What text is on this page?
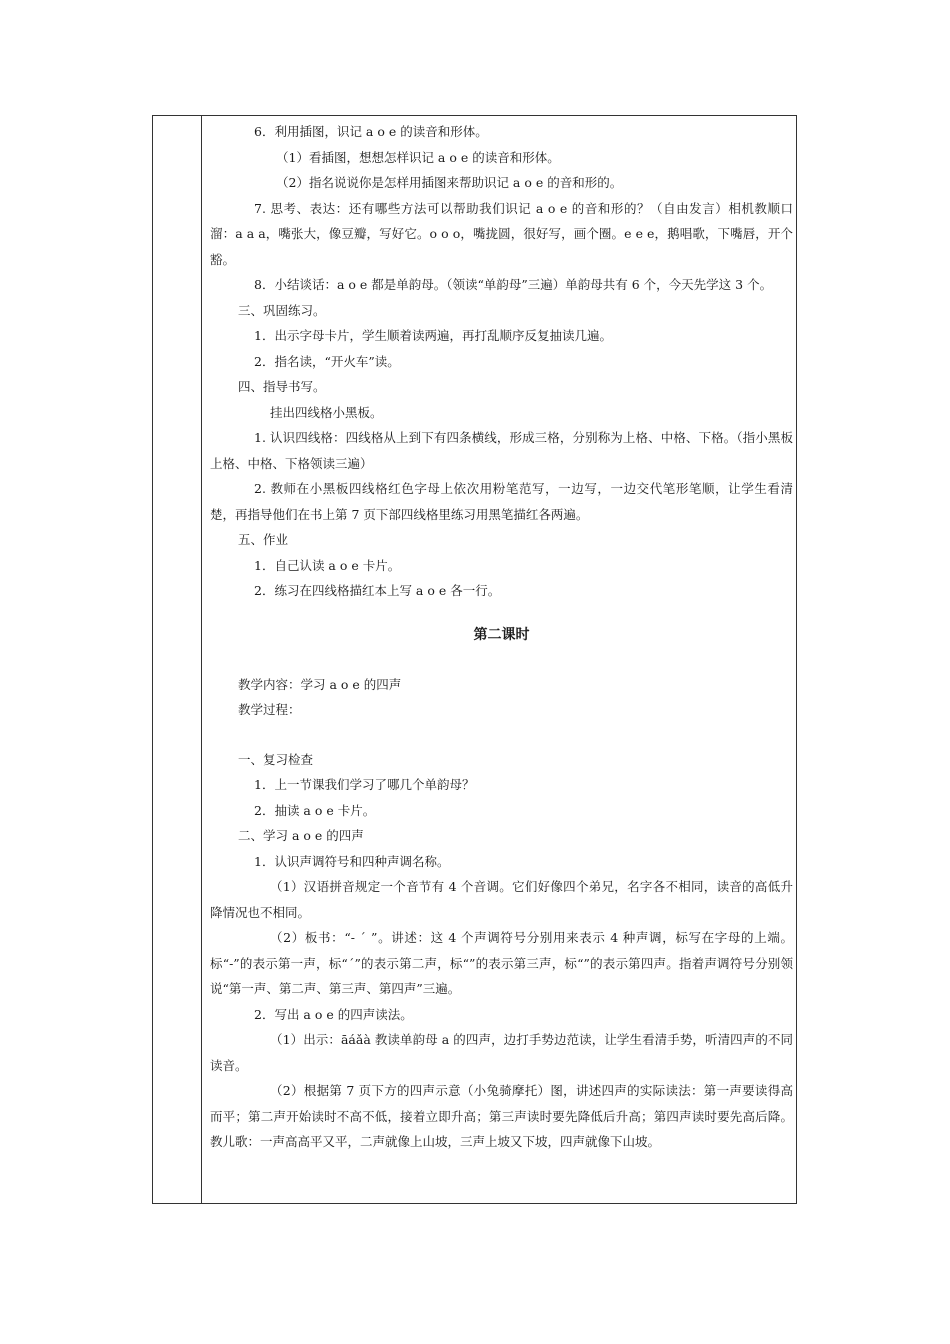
6．利用插图，识记 a o e 的读音和形体。

（1）看插图，想想怎样识记 a o e 的读音和形体。

（2）指名说说你是怎样用插图来帮助识记 a o e 的音和形的。

7. 思考、表达：还有哪些方法可以帮助我们识记 a o e 的音和形的？（自由发言）相机教顺口溜：a a a，嘴张大，像豆瓣，写好它。o o o，嘴拢圆，很好写，画个圈。e e e，鹅唱歌，下嘴唇，开个豁。

8．小结谈话：a o e 都是单韵母。（领读“单韵母”三遍）单韵母共有 6 个，今天先学这 3 个。

三、巩固练习。

1．出示字母卡片，学生顺着读两遍，再打乱顺序反复抽读几遍。

2．指名读，“开火车”读。

四、指导书写。

挂出四线格小黑板。

1. 认识四线格：四线格从上到下有四条横线，形成三格，分别称为上格、中格、下格。（指小黑板上格、中格、下格领读三遍）

2. 教师在小黑板四线格红色字母上依次用粉笔范写，一边写，一边交代笔形笔顺，让学生看清楚，再指导他们在书上第 7 页下部四线格里练习用黑笔描红各两遍。

五、作业

1．自己认读 a o e 卡片。

2．练习在四线格描红本上写 a o e 各一行。

第二课时

教学内容：学习 a o e 的四声

教学过程：

一、复习检查

1．上一节课我们学习了哪几个单韵母？

2．抽读 a o e 卡片。

二、学习 a o e 的四声

1．认识声调符号和四种声调名称。

（1）汉语拼音规定一个音节有 4 个音调。它们好像四个弟兄，名字各不相同，读音的高低升降情况也不相同。

（2）板书：“- ˊ ”。讲述：这 4 个声调符号分别用来表示 4 种声调，标写在字母的上端。标“-”的表示第一声，标“ˊ”的表示第二声，标“”的表示第三声，标“”的表示第四声。指着声调符号分别领说“第一声、第二声、第三声、第四声”三遍。

2．写出 a o e 的四声读法。

（1）出示：āáǎà 教读单韵母 a 的四声，边打手势边范读，让学生看清手势，听清四声的不同读音。

（2）根据第 7 页下方的四声示意（小兔骑摩托）图，讲述四声的实际读法：第一声要读得高而平；第二声开始读时不高不低，接着立即升高；第三声读时要先降低后升高；第四声读时要先高后降。教儿歌：一声高高平又平，二声就像上山坡，三声上坡又下坡，四声就像下山坡。
